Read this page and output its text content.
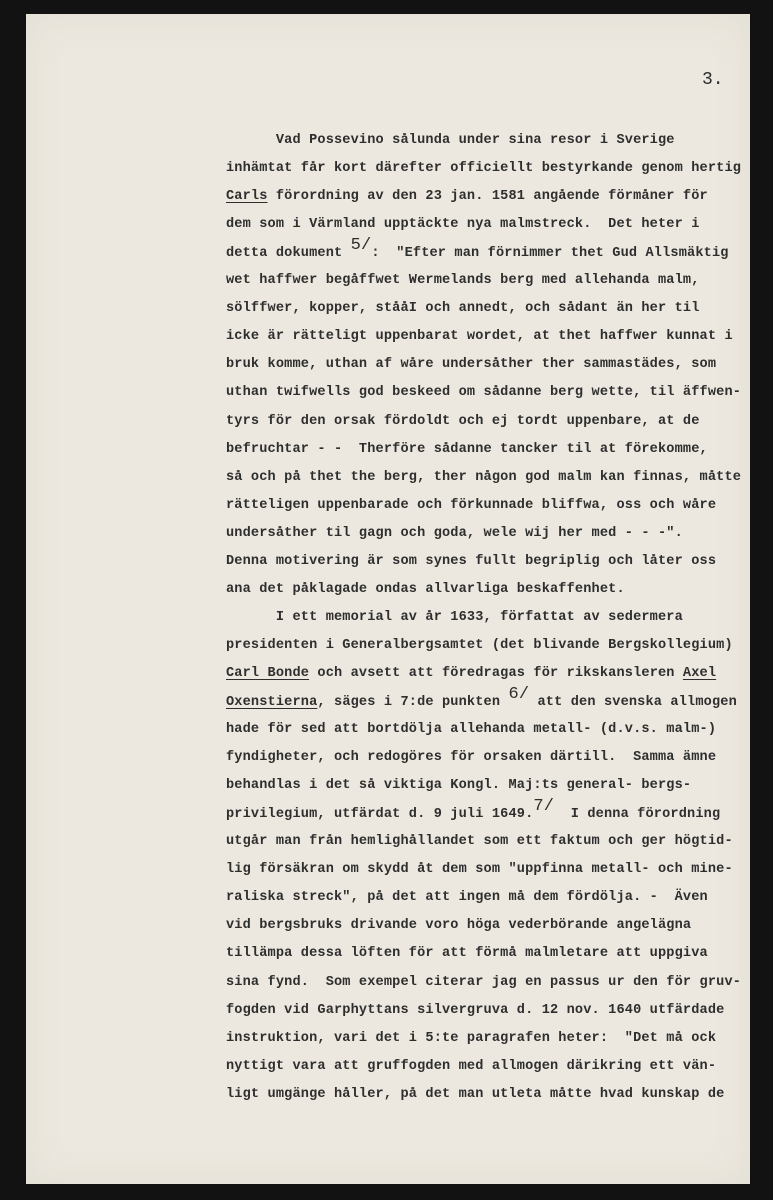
3.
Vad Possevino sålunda under sina resor i Sverige
inhämtat får kort därefter officiellt bestyrkande genom hertig
Carls förordning av den 23 jan. 1581 angående förmåner för
dem som i Värmland upptäckte nya malmstreck.  Det heter i
detta dokument 5/:  "Efter man förnimmer thet Gud Allsmäktig
wet haffwer begåffwet Wermelands berg med allehanda malm,
sölffwer, kopper, stååI och annedt, och sådant än her til
icke är rätteligt uppenbarat wordet, at thet haffwer kunnat i
bruk komme, uthan af wåre undersåther ther sammastädes, som
uthan twifwells god beskeed om sådanne berg wette, til äffwen-
tyrs för den orsak fördoldt och ej tordt uppenbare, at de
befruchtar - -  Therföre sådanne tancker til at förekomme,
så och på thet the berg, ther någon god malm kan finnas, måtte
rätteligen uppenbarade och förkunnade bliffwa, oss och wåre
undersåther til gagn och goda, wele wij her med - - -".
Denna motivering är som synes fullt begriplig och låter oss
ana det påklagade ondas allvarliga beskaffenhet.
I ett memorial av år 1633, författat av sedermera
presidenten i Generalbergsamtet (det blivande Bergskollegium)
Carl Bonde och avsett att föredragas för rikskansleren Axel
Oxenstierna, säges i 7:de punkten 6/ att den svenska allmogen
hade för sed att bortdölja allehanda metall- (d.v.s. malm-)
fyndigheter, och redogöres för orsaken därtill.  Samma ämne
behandlas i det så viktiga Kongl. Maj:ts general- bergs-
privilegium, utfärdat d. 9 juli 1649.7/  I denna förordning
utgår man från hemlighållandet som ett faktum och ger högtid-
lig försäkran om skydd åt dem som "uppfinna metall- och mine-
raliska streck", på det att ingen må dem fördölja. -  Även
vid bergsbruks drivande voro höga vederbörande angelägna
tillämpa dessa löften för att förmå malmletare att uppgiva
sina fynd.  Som exempel citerar jag en passus ur den för gruv-
fogden vid Garphyttans silvergruva d. 12 nov. 1640 utfärdade
instruktion, vari det i 5:te paragrafen heter:  "Det må ock
nyttigt vara att gruffogden med allmogen därikring ett vän-
ligt umgänge håller, på det man utleta måtte hvad kunskap de
